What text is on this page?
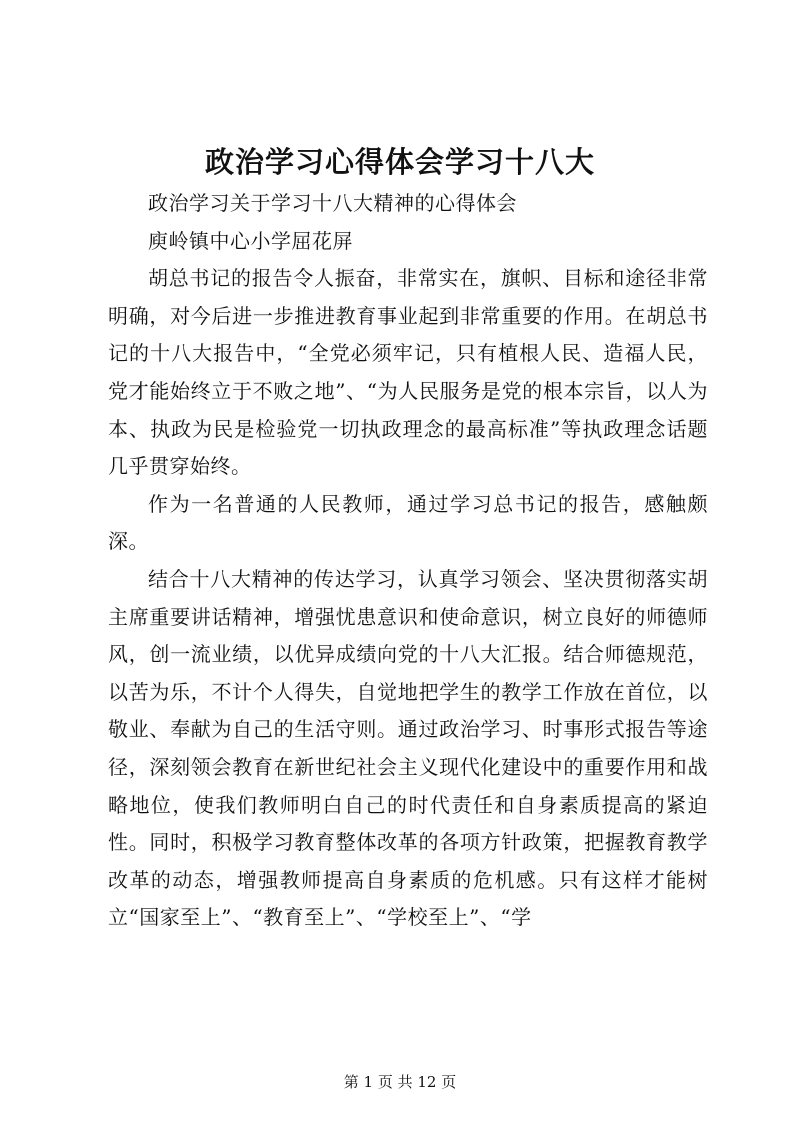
政治学习心得体会学习十八大

政治学习关于学习十八大精神的心得体会

庾岭镇中心小学屈花屏

胡总书记的报告令人振奋，非常实在，旗帜、目标和途径非常明确，对今后进一步推进教育事业起到非常重要的作用。在胡总书记的十八大报告中，“全党必须牢记，只有植根人民、造福人民，党才能始终立于不败之地”、“为人民服务是党的根本宗旨，以人为本、执政为民是检验党一切执政理念的最高标准”等执政理念话题几乎贯穿始终。

作为一名普通的人民教师，通过学习总书记的报告，感触颇深。

结合十八大精神的传达学习，认真学习领会、坚决贯彻落实胡主席重要讲话精神，增强忧患意识和使命意识，树立良好的师德师风，创一流业绩，以优异成绩向党的十八大汇报。结合师德规范，以苦为乐，不计个人得失，自觉地把学生的教学工作放在首位，以敬业、奉献为自己的生活守则。通过政治学习、时事形式报告等途径，深刻领会教育在新世纪社会主义现代化建设中的重要作用和战略地位，使我们教师明白自己的时代责任和自身素质提高的紧迫性。同时，积极学习教育整体改革的各项方针政策，把握教育教学改革的动态，增强教师提高自身素质的危机感。只有这样才能树立“国家至上”、“教育至上”、“学校至上”、“学

第 1 页 共 12 页
